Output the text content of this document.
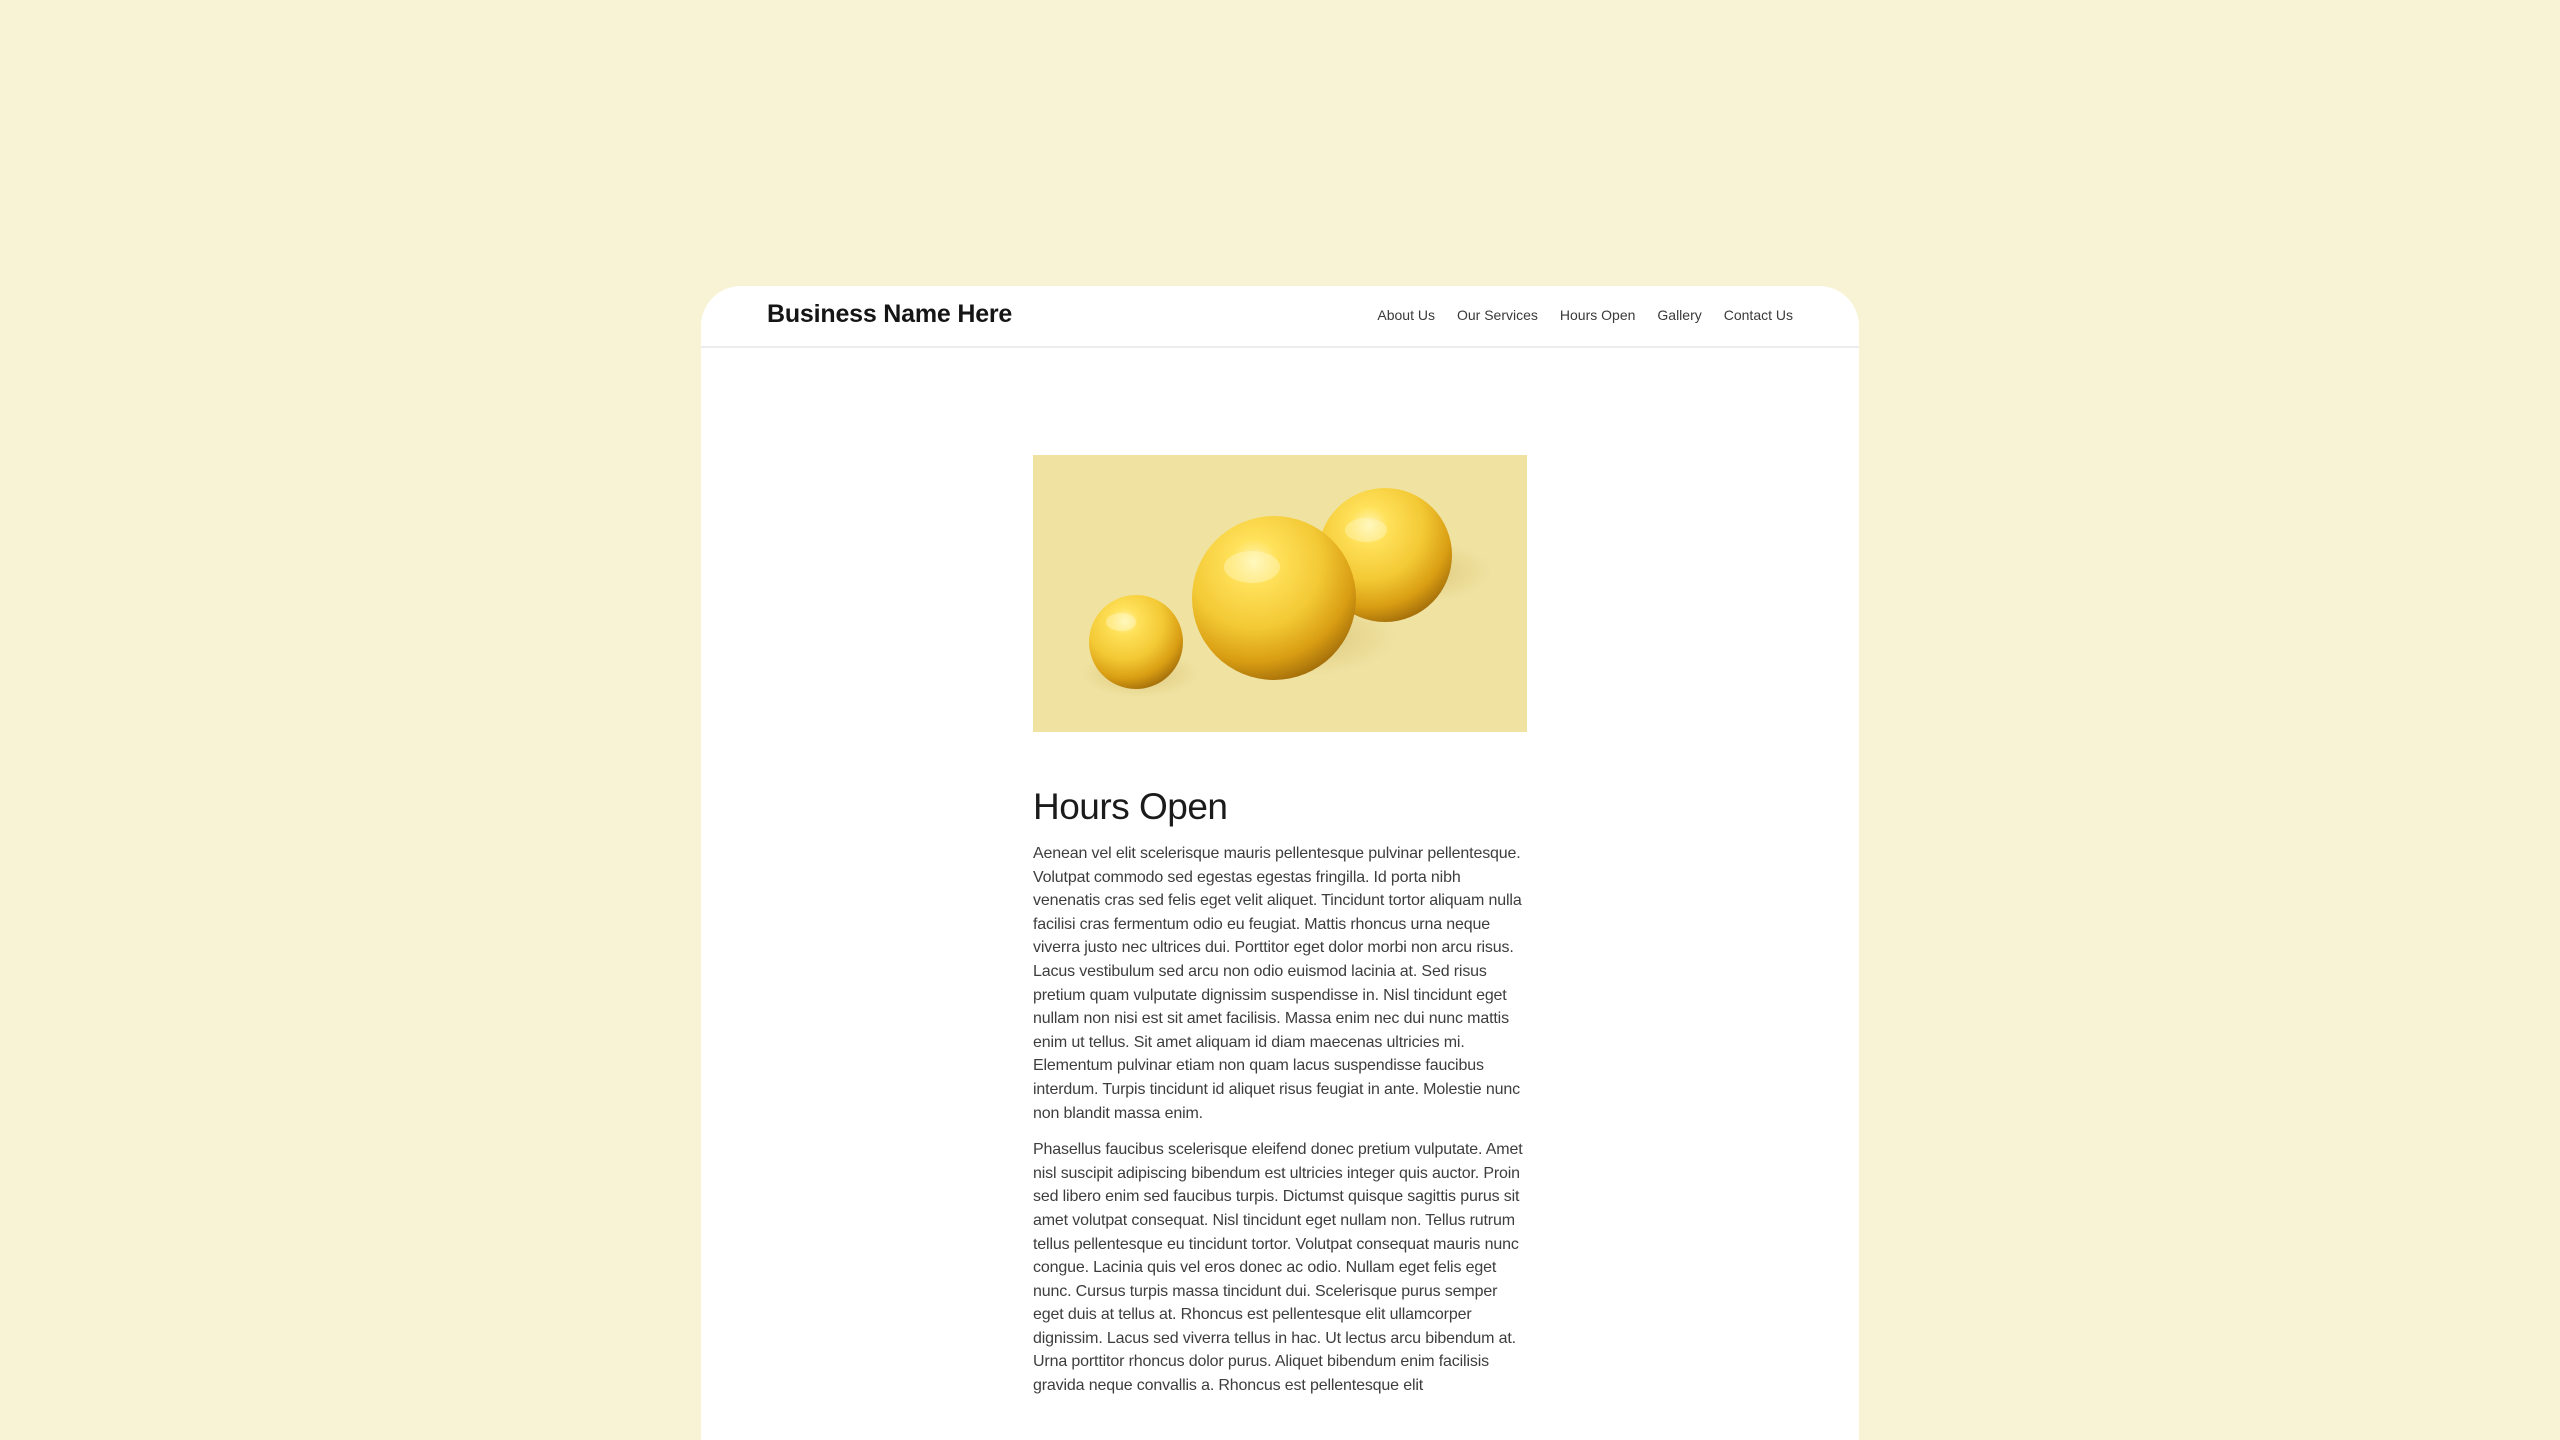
Business Name Here	About Us Our Services Hours Open Gallery Contact Us
Hours Open

Aenean vel elit scelerisque mauris pellentesque pulvinar pellentesque. Volutpat commodo sed egestas egestas fringilla. Id porta nibh venenatis cras sed felis eget velit aliquet. Tincidunt tortor aliquam nulla facilisi cras fermentum odio eu feugiat. Mattis rhoncus urna neque viverra justo nec ultrices dui. Porttitor eget dolor morbi non arcu risus. Lacus vestibulum sed arcu non odio euismod lacinia at. Sed risus pretium quam vulputate dignissim suspendisse in. Nisl tincidunt eget nullam non nisi est sit amet facilisis. Massa enim nec dui nunc mattis enim ut tellus. Sit amet aliquam id diam maecenas ultricies mi. Elementum pulvinar etiam non quam lacus suspendisse faucibus interdum. Turpis tincidunt id aliquet risus feugiat in ante. Molestie nunc non blandit massa enim.

Phasellus faucibus scelerisque eleifend donec pretium vulputate. Amet nisl suscipit adipiscing bibendum est ultricies integer quis auctor. Proin sed libero enim sed faucibus turpis. Dictumst quisque sagittis purus sit amet volutpat consequat. Nisl tincidunt eget nullam non. Tellus rutrum tellus pellentesque eu tincidunt tortor. Volutpat consequat mauris nunc congue. Lacinia quis vel eros donec ac odio. Nullam eget felis eget nunc. Cursus turpis massa tincidunt dui. Scelerisque purus semper eget duis at tellus at. Rhoncus est pellentesque elit ullamcorper dignissim. Lacus sed viverra tellus in hac. Ut lectus arcu bibendum at. Urna porttitor rhoncus dolor purus. Aliquet bibendum enim facilisis gravida neque convallis a. Rhoncus est pellentesque elit
